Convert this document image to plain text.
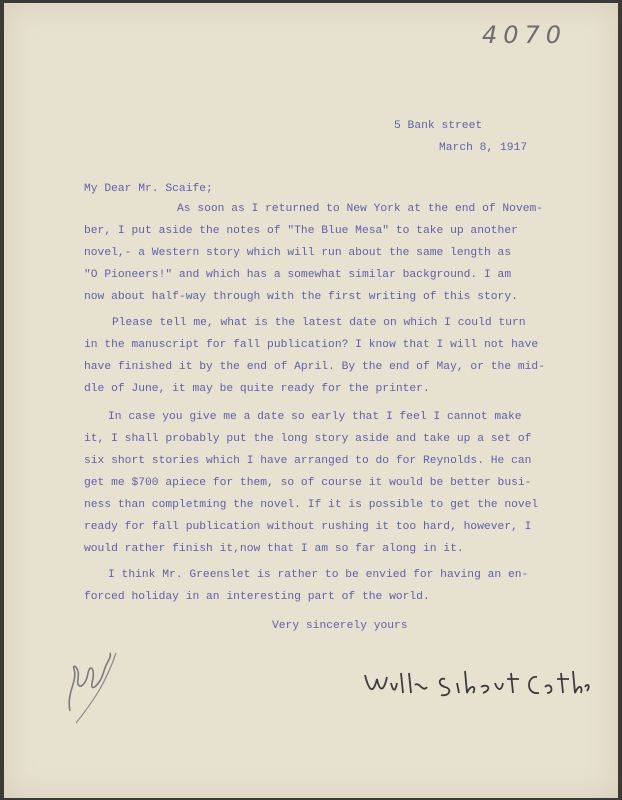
4070
5 Bank street
March 8, 1917
My Dear Mr. Scaife;
As soon as I returned to New York at the end of Novem-
ber, I put aside the notes of "The Blue Mesa" to take up another
novel,- a Western story which will run about the same length as
"O Pioneers!" and which has a somewhat similar background. I am
now about half-way through with the first writing of this story.
Please tell me, what is the latest date on which I could turn
in the manuscript for fall publication? I know that I will not have
have finished it by the end of April. By the end of May, or the mid-
dle of June, it may be quite ready for the printer.
In case you give me a date so early that I feel I cannot make
it, I shall probably put the long story aside and take up a set of
six short stories which I have arranged to do for Reynolds. He can
get me $700 apiece for them, so of course it would be better busi-
ness than completming the novel. If it is possible to get the novel
ready for fall publication without rushing it too hard, however, I
would rather finish it,now that I am so far along in it.
I think Mr. Greenslet is rather to be envied for having an en-
forced holiday in an interesting part of the world.
Very sincerely yours
